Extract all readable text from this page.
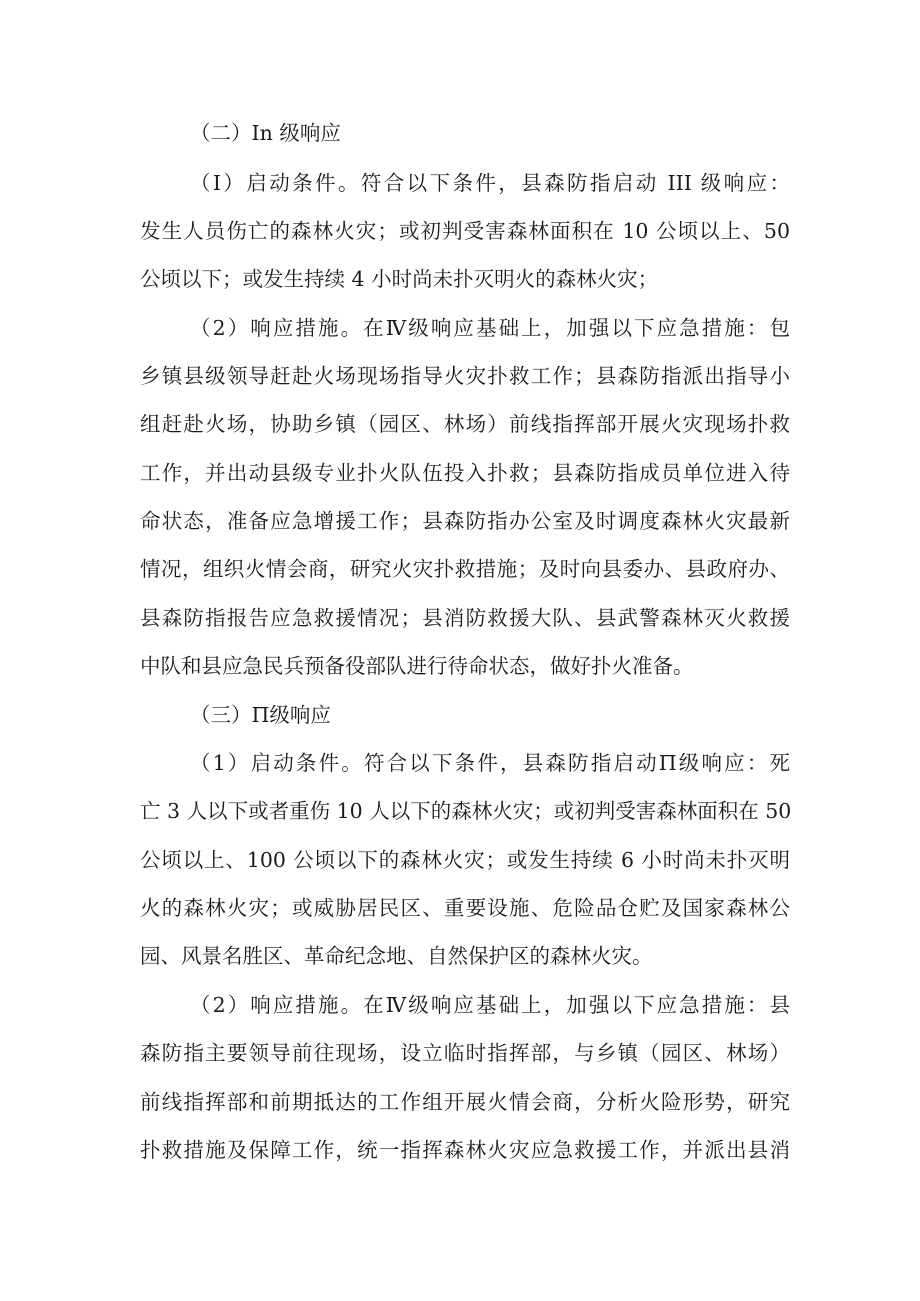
（二）In 级响应
（I）启动条件。符合以下条件，县森防指启动 III 级响应：
发生人员伤亡的森林火灾；或初判受害森林面积在 10 公顷以上、50
公顷以下；或发生持续 4 小时尚未扑灭明火的森林火灾；
（2）响应措施。在Ⅳ级响应基础上，加强以下应急措施：包
乡镇县级领导赶赴火场现场指导火灾扑救工作；县森防指派出指导小
组赶赴火场，协助乡镇（园区、林场）前线指挥部开展火灾现场扑救
工作，并出动县级专业扑火队伍投入扑救；县森防指成员单位进入待
命状态，准备应急增援工作；县森防指办公室及时调度森林火灾最新
情况，组织火情会商，研究火灾扑救措施；及时向县委办、县政府办、
县森防指报告应急救援情况；县消防救援大队、县武警森林灭火救援
中队和县应急民兵预备役部队进行待命状态，做好扑火准备。
（三）Π级响应
（1）启动条件。符合以下条件，县森防指启动Π级响应：死
亡 3 人以下或者重伤 10 人以下的森林火灾；或初判受害森林面积在 50
公顷以上、100 公顷以下的森林火灾；或发生持续 6 小时尚未扑灭明
火的森林火灾；或威胁居民区、重要设施、危险品仓贮及国家森林公
园、风景名胜区、革命纪念地、自然保护区的森林火灾。
（2）响应措施。在Ⅳ级响应基础上，加强以下应急措施：县
森防指主要领导前往现场，设立临时指挥部，与乡镇（园区、林场）
前线指挥部和前期抵达的工作组开展火情会商，分析火险形势，研究
扑救措施及保障工作，统一指挥森林火灾应急救援工作，并派出县消
